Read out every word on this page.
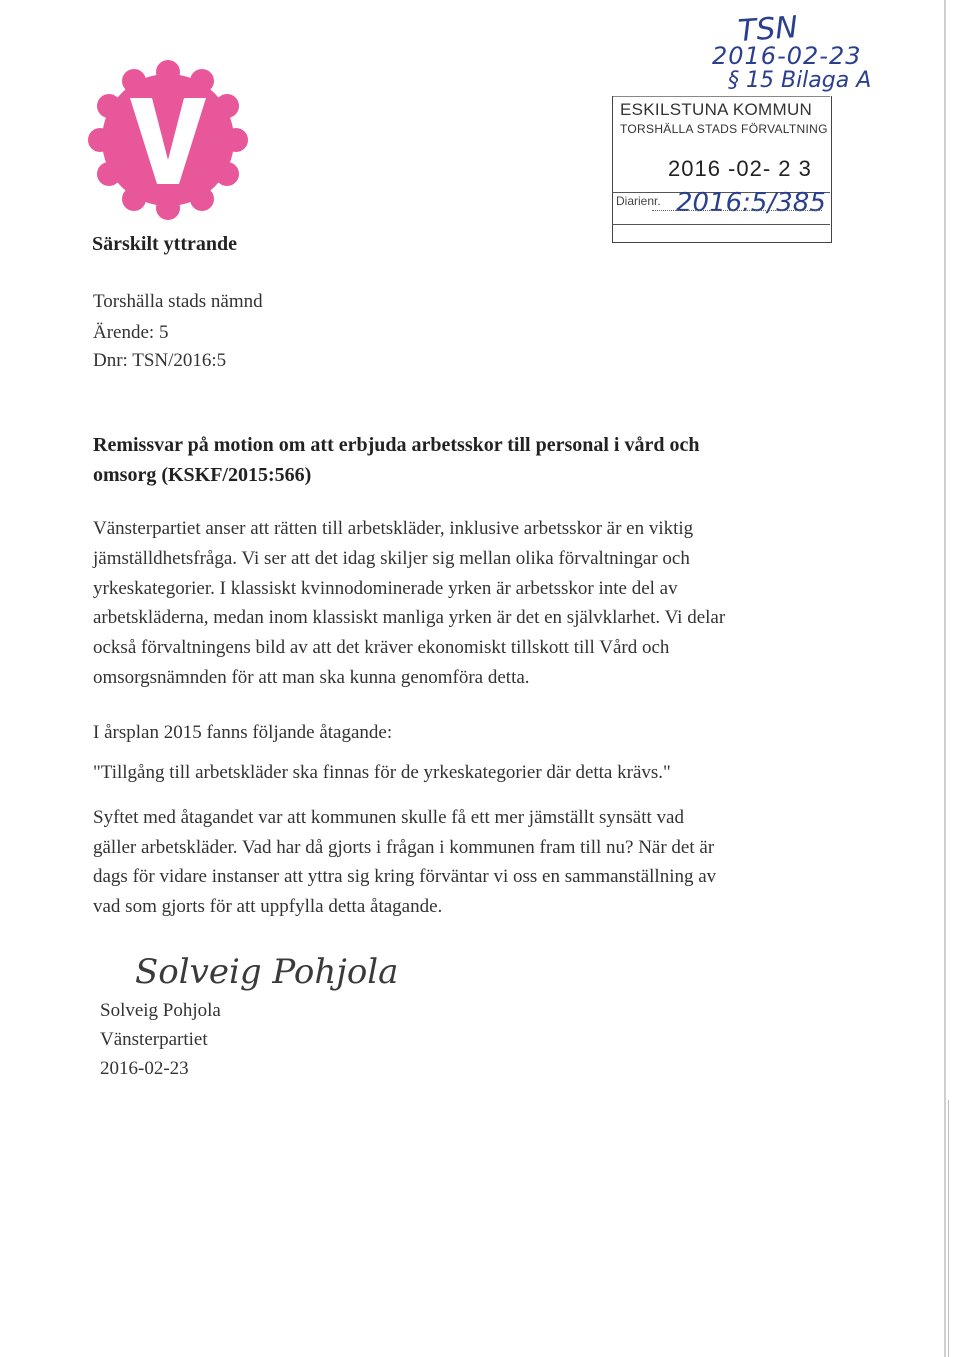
TSN
2016-02-23
§ 15 Bilaga A
ESKILSTUNA KOMMUN
TORSHÄLLA STADS FÖRVALTNING
2016 -02- 2 3
Diarienr. 2016:5/385
Särskilt yttrande
Torshälla stads nämnd
Ärende: 5
Dnr: TSN/2016:5
Remissvar på motion om att erbjuda arbetsskor till personal i vård och
omsorg (KSKF/2015:566)
Vänsterpartiet anser att rätten till arbetskläder, inklusive arbetsskor är en viktig
jämställdhetsfråga. Vi ser att det idag skiljer sig mellan olika förvaltningar och
yrkeskategorier. I klassiskt kvinnodominerade yrken är arbetsskor inte del av
arbetskläderna, medan inom klassiskt manliga yrken är det en självklarhet. Vi delar
också förvaltningens bild av att det kräver ekonomiskt tillskott till Vård och
omsorgsnämnden för att man ska kunna genomföra detta.
I årsplan 2015 fanns följande åtagande:
"Tillgång till arbetskläder ska finnas för de yrkeskategorier där detta krävs."
Syftet med åtagandet var att kommunen skulle få ett mer jämställt synsätt vad
gäller arbetskläder. Vad har då gjorts i frågan i kommunen fram till nu? När det är
dags för vidare instanser att yttra sig kring förväntar vi oss en sammanställning av
vad som gjorts för att uppfylla detta åtagande.
Solveig Pohjola
Solveig Pohjola
Vänsterpartiet
2016-02-23
